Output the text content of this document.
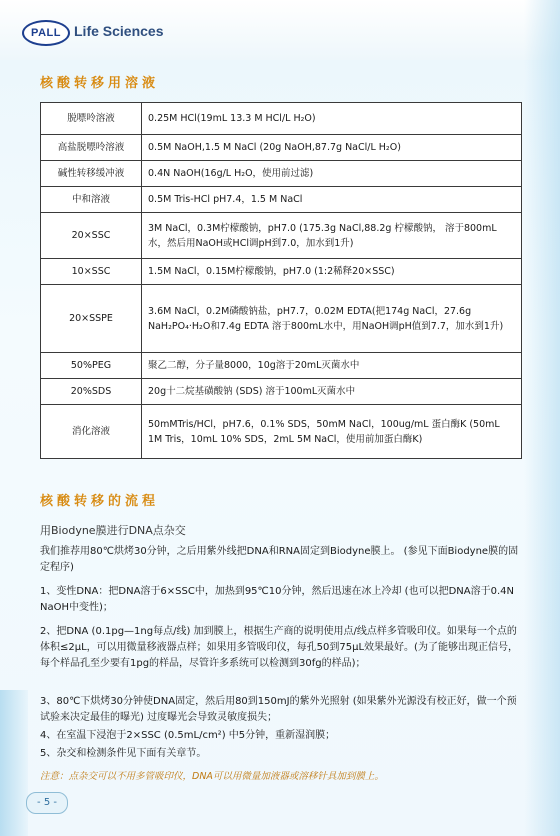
PALL Life Sciences
核酸转移用溶液
脱嘌呤溶液	0.25M HCl(19mL 13.3 M HCl/L H₂O)
高盐脱嘌呤溶液	0.5M NaOH,1.5 M NaCl (20g NaOH,87.7g NaCl/L H₂O)
碱性转移缓冲液	0.4N NaOH(16g/L H₂O，使用前过滤)
中和溶液	0.5M Tris-HCl pH7.4，1.5 M NaCl
20×SSC	3M NaCl，0.3M柠檬酸钠，pH7.0 (175.3g NaCl,88.2g 柠檬酸钠， 溶于800mL水，然后用NaOH或HCl调pH到7.0，加水到1升)
10×SSC	1.5M NaCl，0.15M柠檬酸钠，pH7.0 (1:2稀释20×SSC)
20×SSPE	3.6M NaCl，0.2M磷酸钠盐，pH7.7，0.02M EDTA(把174g NaCl，27.6g NaH₂PO₄·H₂O和7.4g EDTA 溶于800mL水中，用NaOH调pH值到7.7，加水到1升)
50%PEG	聚乙二醇，分子量8000，10g溶于20mL灭菌水中
20%SDS	20g十二烷基磺酸钠 (SDS) 溶于100mL灭菌水中
消化溶液	50mMTris/HCl，pH7.6，0.1% SDS，50mM NaCl，100ug/mL 蛋白酶K (50mL 1M Tris，10mL 10% SDS，2mL 5M NaCl，使用前加蛋白酶K)
核酸转移的流程
用Biodyne膜进行DNA点杂交
我们推荐用80℃烘烤30分钟，之后用紫外线把DNA和RNA固定到Biodyne膜上。 (参见下面Biodyne膜的固定程序)
1、变性DNA：把DNA溶于6×SSC中，加热到95℃10分钟，然后迅速在冰上冷却 (也可以把DNA溶于0.4N NaOH中变性)；
2、把DNA (0.1pg—1ng每点/线) 加到膜上，根据生产商的说明使用点/线点样多管吸印仪。如果每一个点的体积≤2μL，可以用微量移液器点样；如果用多管吸印仪，每孔50到75μL效果最好。(为了能够出现正信号，每个样品孔至少要有1pg的样品，尽管许多系统可以检测到30fg的样品)；
3、80℃下烘烤30分钟使DNA固定，然后用80到150mJ的紫外光照射 (如果紫外光源没有校正好，做一个预试验来决定最佳的曝光) 过度曝光会导致灵敏度损失；
4、在室温下浸泡于2×SSC (0.5mL/cm²) 中5分钟，重新湿润膜；
5、杂交和检测条件见下面有关章节。
注意：点杂交可以不用多管吸印仪，DNA可以用微量加液器或溶移针具加到膜上。
- 5 -
